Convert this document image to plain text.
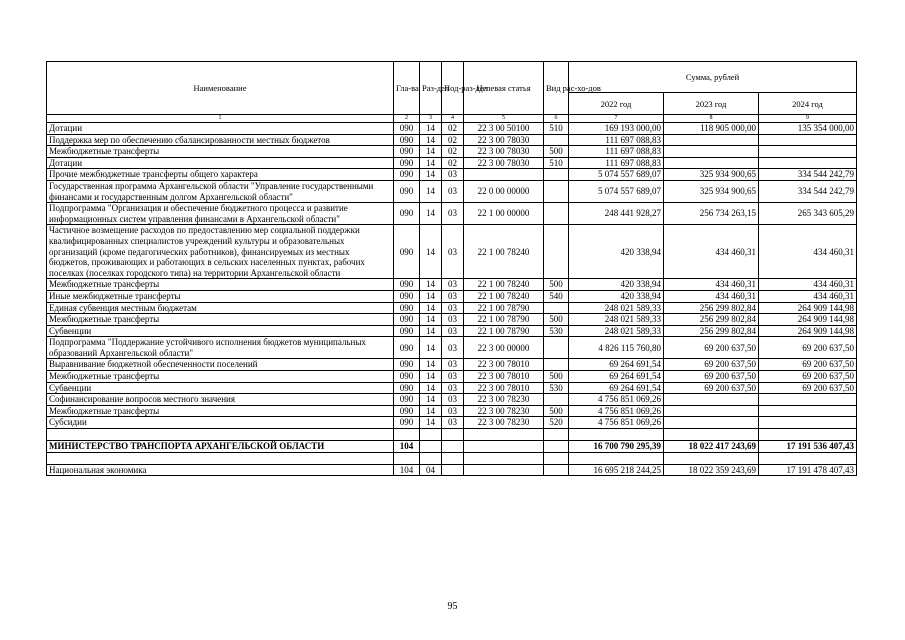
Наименование	Гла-ва	Раз-дел	Под-раз-дел	Целевая статья	Вид рас-хо-дов	Сумма, рублей		
						2022 год	2023 год	2024 год
1	2	3	4	5	6	7	8	9
Дотации	090	14	02	22 3 00 50100	510	169 193 000,00	118 905 000,00	135 354 000,00
Поддержка мер по обеспечению сбалансированности местных бюджетов	090	14	02	22 3 00 78030		111 697 088,83		
Межбюджетные трансферты	090	14	02	22 3 00 78030	500	111 697 088,83		
Дотации	090	14	02	22 3 00 78030	510	111 697 088,83		
Прочие межбюджетные трансферты общего характера	090	14	03			5 074 557 689,07	325 934 900,65	334 544 242,79
Государственная программа Архангельской области "Управление государственными финансами и государственным долгом Архангельской области"	090	14	03	22 0 00 00000		5 074 557 689,07	325 934 900,65	334 544 242,79
Подпрограмма "Организация и обеспечение бюджетного процесса и развитие информационных систем управления финансами в Архангельской области"	090	14	03	22 1 00 00000		248 441 928,27	256 734 263,15	265 343 605,29
Частичное возмещение расходов по предоставлению мер социальной поддержки квалифицированных специалистов учреждений культуры и образовательных организаций (кроме педагогических работников), финансируемых из местных бюджетов, проживающих и работающих в сельских населенных пунктах, рабочих поселках (поселках городского типа) на территории Архангельской области	090	14	03	22 1 00 78240		420 338,94	434 460,31	434 460,31
Межбюджетные трансферты	090	14	03	22 1 00 78240	500	420 338,94	434 460,31	434 460,31
Иные межбюджетные трансферты	090	14	03	22 1 00 78240	540	420 338,94	434 460,31	434 460,31
Единая субвенция местным бюджетам	090	14	03	22 1 00 78790		248 021 589,33	256 299 802,84	264 909 144,98
Межбюджетные трансферты	090	14	03	22 1 00 78790	500	248 021 589,33	256 299 802,84	264 909 144,98
Субвенции	090	14	03	22 1 00 78790	530	248 021 589,33	256 299 802,84	264 909 144,98
Подпрограмма "Поддержание устойчивого исполнения бюджетов муниципальных образований Архангельской области"	090	14	03	22 3 00 00000		4 826 115 760,80	69 200 637,50	69 200 637,50
Выравнивание бюджетной обеспеченности поселений	090	14	03	22 3 00 78010		69 264 691,54	69 200 637,50	69 200 637,50
Межбюджетные трансферты	090	14	03	22 3 00 78010	500	69 264 691,54	69 200 637,50	69 200 637,50
Субвенции	090	14	03	22 3 00 78010	530	69 264 691,54	69 200 637,50	69 200 637,50
Софинансирование вопросов местного значения	090	14	03	22 3 00 78230		4 756 851 069,26		
Межбюджетные трансферты	090	14	03	22 3 00 78230	500	4 756 851 069,26		
Субсидии	090	14	03	22 3 00 78230	520	4 756 851 069,26		

МИНИСТЕРСТВО ТРАНСПОРТА АРХАНГЕЛЬСКОЙ ОБЛАСТИ	104					16 700 790 295,39	18 022 417 243,69	17 191 536 407,43

Национальная экономика	104	04				16 695 218 244,25	18 022 359 243,69	17 191 478 407,43
95
